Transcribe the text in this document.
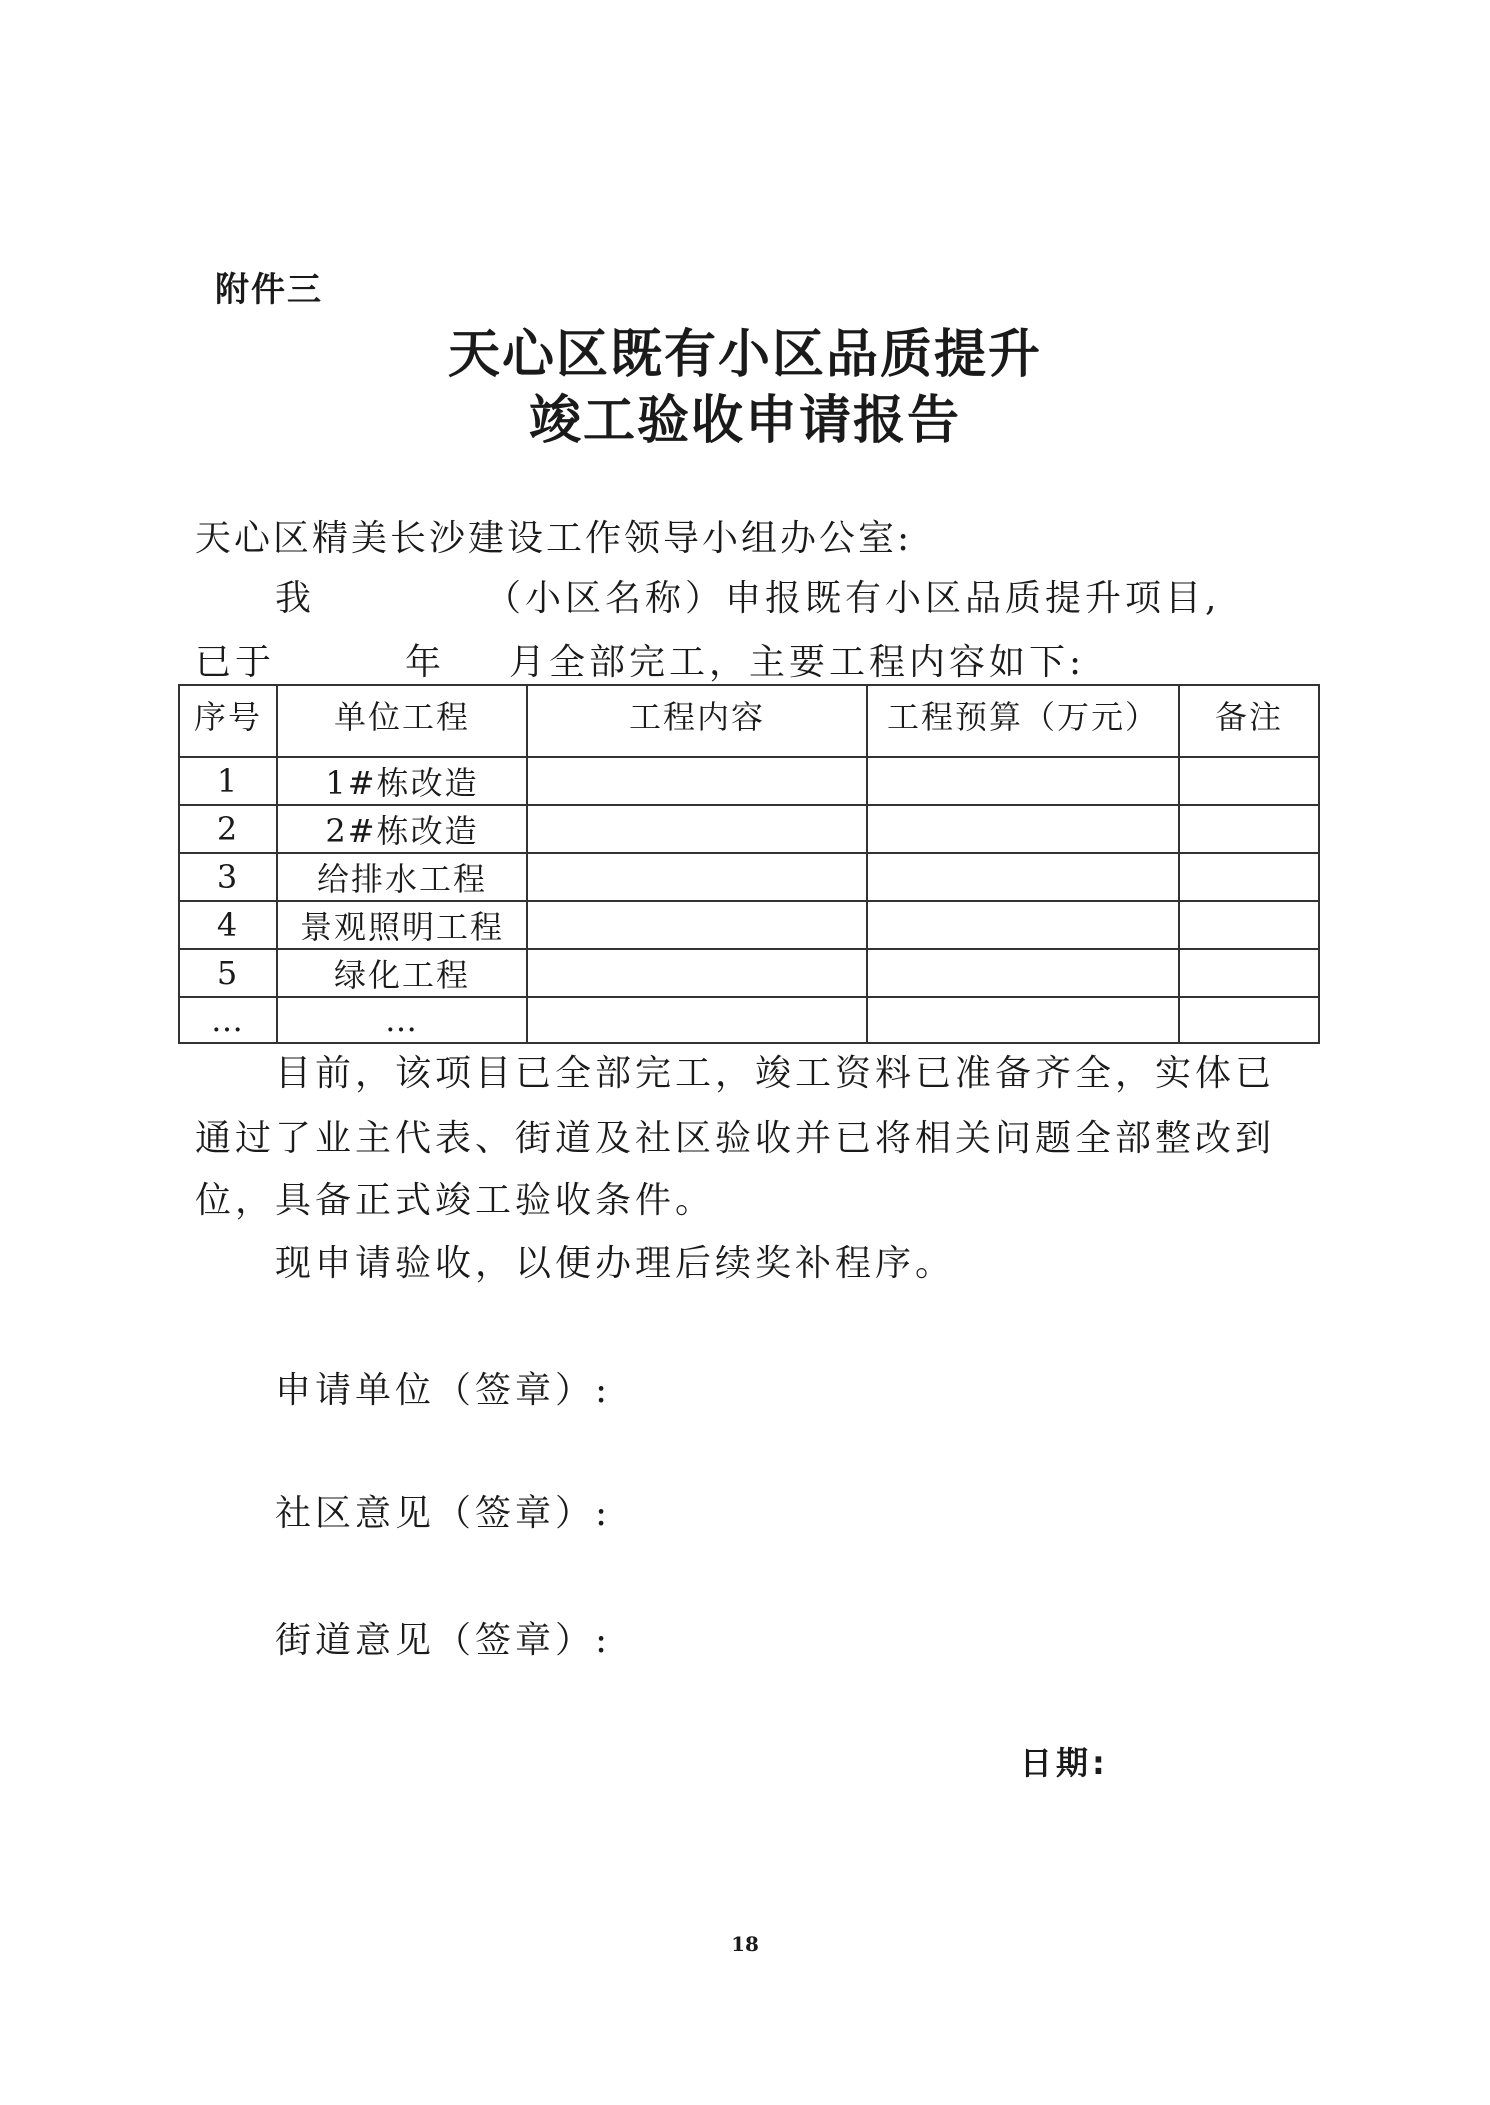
附件三
天心区既有小区品质提升
竣工验收申请报告
天心区精美长沙建设工作领导小组办公室:
我	（小区名称）申报既有小区品质提升项目,
已于	年 月全部完工，主要工程内容如下:
序号	单位工程	工程内容	工程预算（万元）	备注
1	1#栋改造			
2	2#栋改造			
3	给排水工程			
4	景观照明工程			
5	绿化工程			
…	…			
目前，该项目已全部完工，竣工资料已准备齐全，实体已
通过了业主代表、街道及社区验收并已将相关问题全部整改到
位，具备正式竣工验收条件。
现申请验收，以便办理后续奖补程序。
申请单位（签章）:
社区意见（签章）:
街道意见（签章）:
日期:
18
